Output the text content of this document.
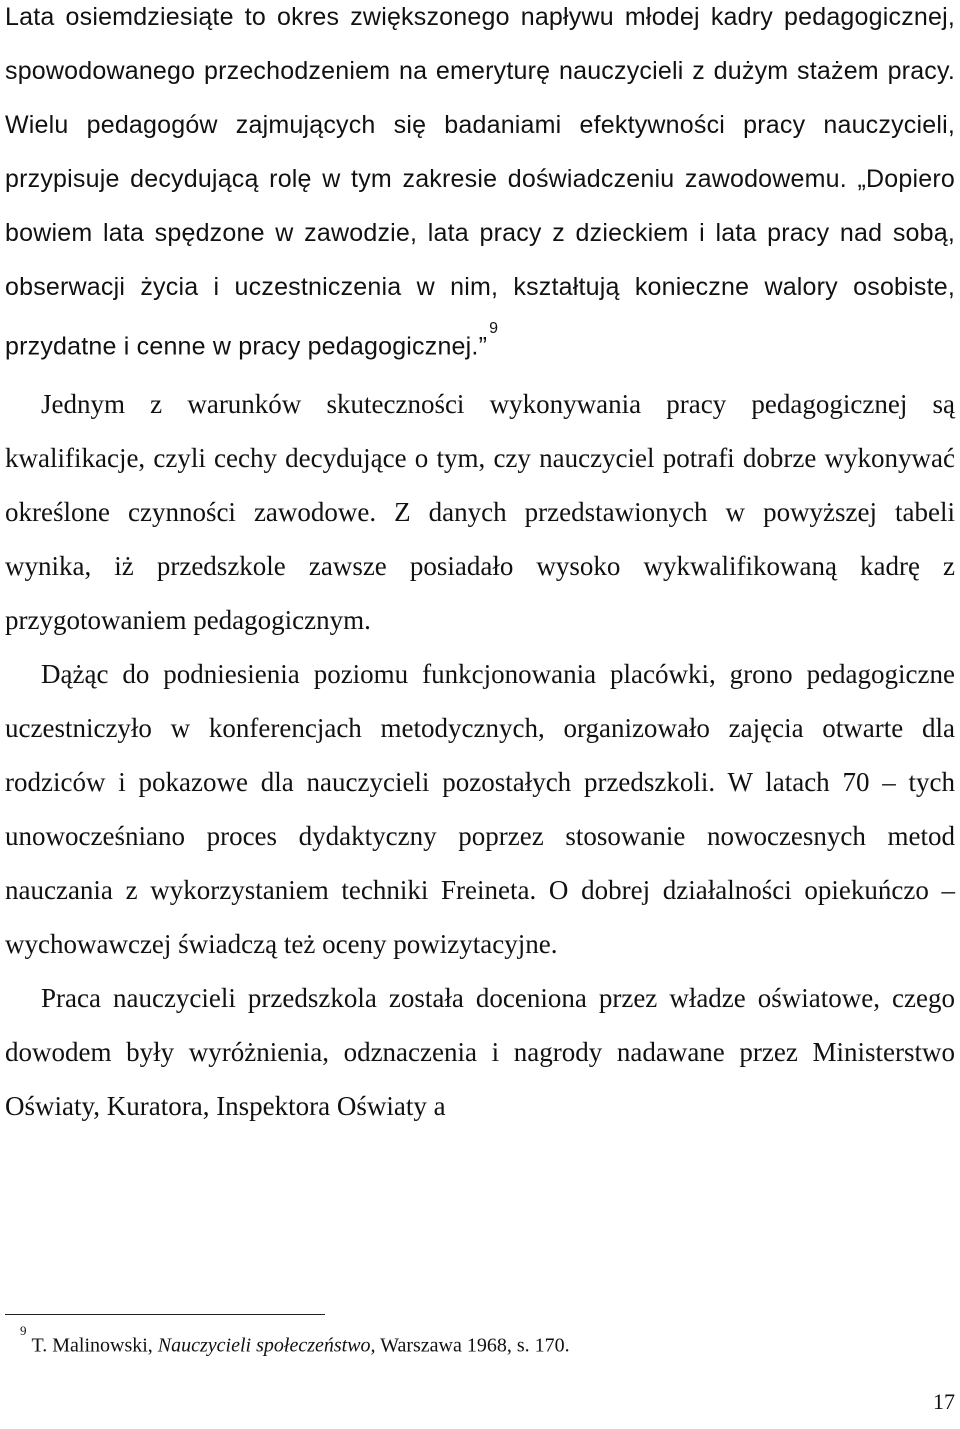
Lata osiemdziesiąte to okres zwiększonego napływu młodej kadry pedagogicznej, spowodowanego przechodzeniem na emeryturę nauczycieli z dużym stażem pracy. Wielu pedagogów zajmujących się badaniami efektywności pracy nauczycieli, przypisuje decydującą rolę w tym zakresie doświadczeniu zawodowemu. „Dopiero bowiem lata spędzone w zawodzie, lata pracy z dzieckiem i lata pracy nad sobą, obserwacji życia i uczestniczenia w nim, kształtują konieczne walory osobiste, przydatne i cenne w pracy pedagogicznej.”$^9$

Jednym z warunków skuteczności wykonywania pracy pedagogicznej są kwalifikacje, czyli cechy decydujące o tym, czy nauczyciel potrafi dobrze wykonywać określone czynności zawodowe. Z danych przedstawionych w powyższej tabeli wynika, iż przedszkole zawsze posiadało wysoko wykwalifikowaną kadrę z przygotowaniem pedagogicznym.

Dążąc do podniesienia poziomu funkcjonowania placówki, grono pedagogiczne uczestniczyło w konferencjach metodycznych, organizowało zajęcia otwarte dla rodziców i pokazowe dla nauczycieli pozostałych przedszkoli. W latach 70 – tych unowocześniano proces dydaktyczny poprzez stosowanie nowoczesnych metod nauczania z wykorzystaniem techniki Freineta. O dobrej działalności opiekuńczo – wychowawczej świadczą też oceny powizytacyjne.

Praca nauczycieli przedszkola została doceniona przez władze oświatowe, czego dowodem były wyróżnienia, odznaczenia i nagrody nadawane przez Ministerstwo Oświaty, Kuratora, Inspektora Oświaty a

$^9$T. Malinowski, Nauczycieli społeczeństwo, Warszawa 1968, s. 170.
17
